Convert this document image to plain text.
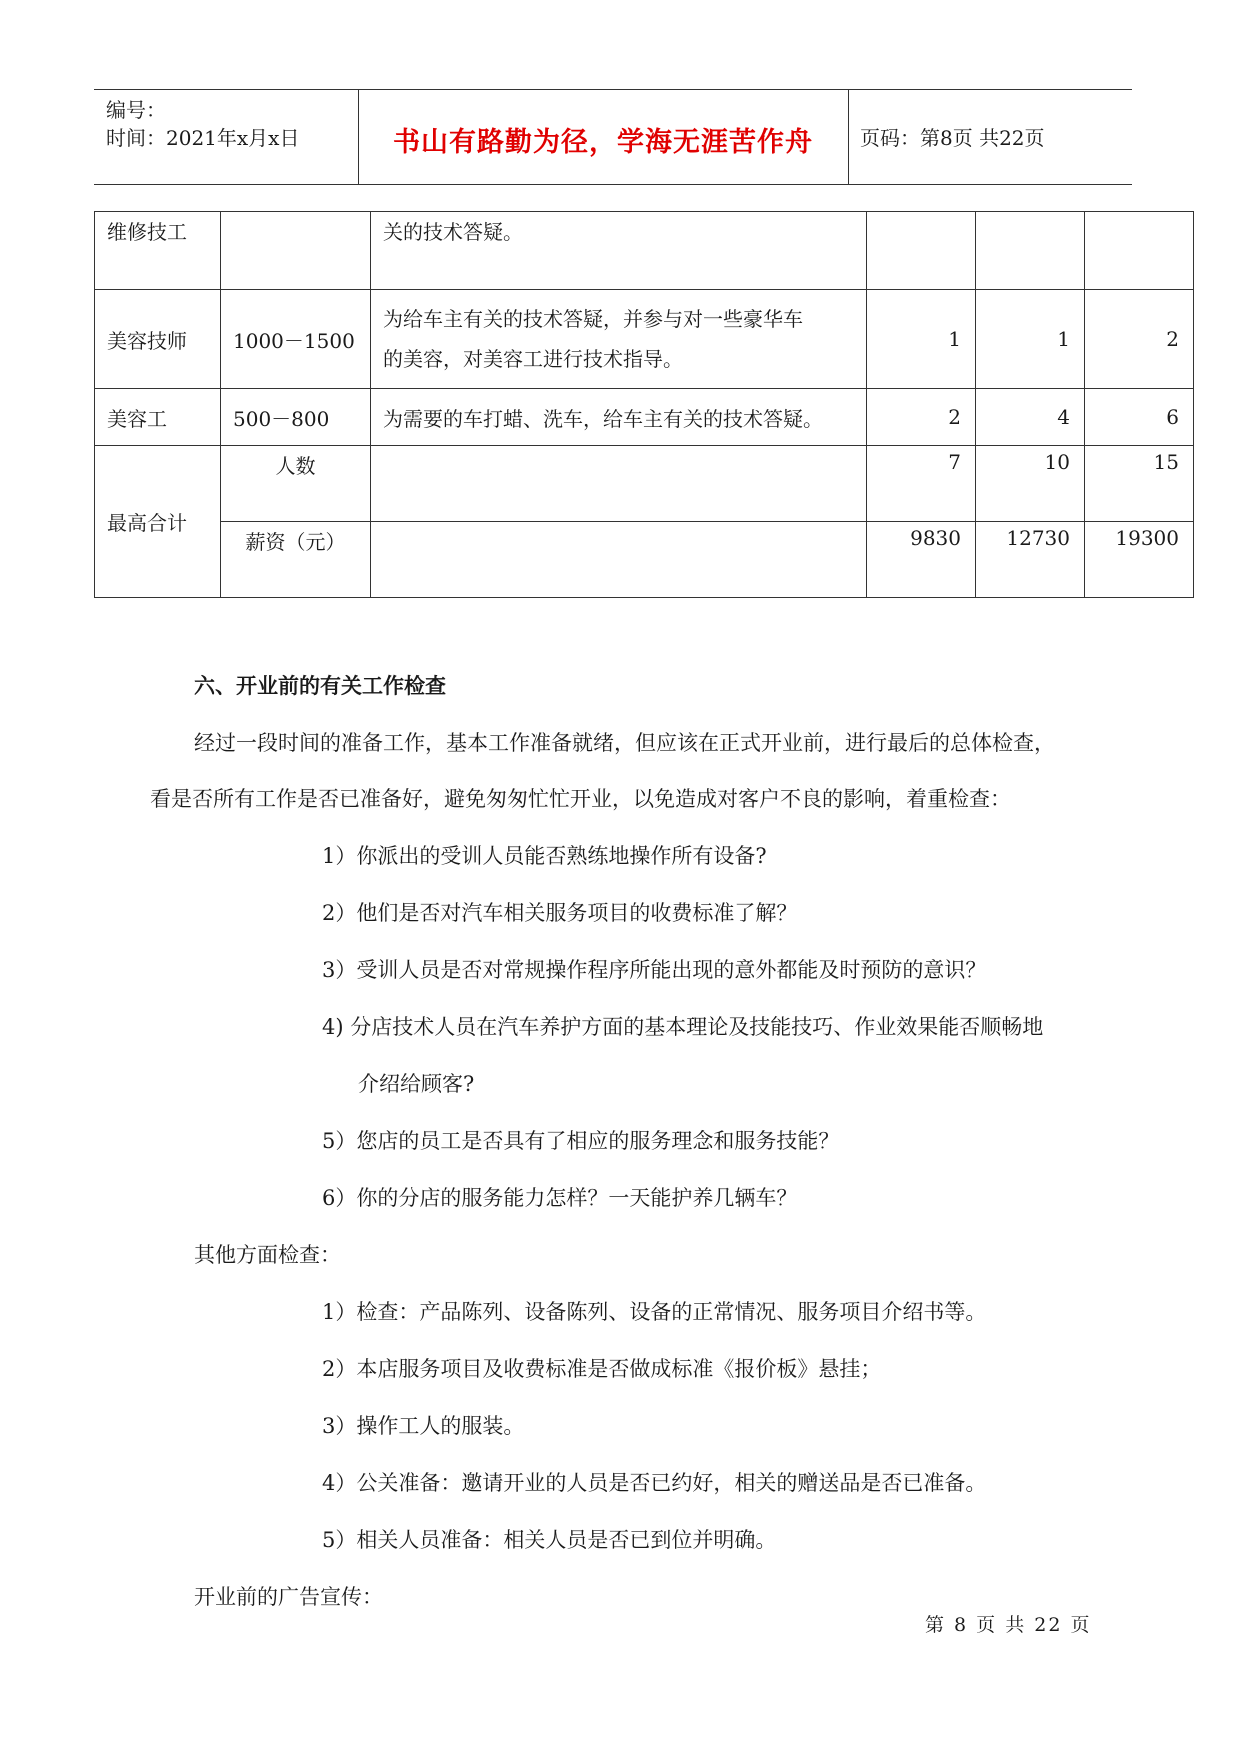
编号：
时间：2021年x月x日	书山有路勤为径，学海无涯苦作舟	页码：第8页 共22页
维修技工		关的技术答疑。			
美容技师	1000－1500	为给车主有关的技术答疑，并参与对一些豪华车
的美容，对美容工进行技术指导。	1	1	2
美容工	500－800	为需要的车打蜡、洗车，给车主有关的技术答疑。	2	4	6
最高合计	人数		7	10	15
	薪资（元）		9830	12730	19300
六、开业前的有关工作检查
经过一段时间的准备工作，基本工作准备就绪，但应该在正式开业前，进行最后的总体检查，
看是否所有工作是否已准备好，避免匆匆忙忙开业，以免造成对客户不良的影响，着重检查：
1）你派出的受训人员能否熟练地操作所有设备?
2）他们是否对汽车相关服务项目的收费标准了解？
3）受训人员是否对常规操作程序所能出现的意外都能及时预防的意识？
4) 分店技术人员在汽车养护方面的基本理论及技能技巧、作业效果能否顺畅地
介绍给顾客?
5）您店的员工是否具有了相应的服务理念和服务技能？
6）你的分店的服务能力怎样？一天能护养几辆车？
其他方面检查：
1）检查：产品陈列、设备陈列、设备的正常情况、服务项目介绍书等。
2）本店服务项目及收费标准是否做成标准《报价板》悬挂；
3）操作工人的服装。
4）公关准备：邀请开业的人员是否已约好，相关的赠送品是否已准备。
5）相关人员准备：相关人员是否已到位并明确。
开业前的广告宣传：
第 8 页 共 22 页
